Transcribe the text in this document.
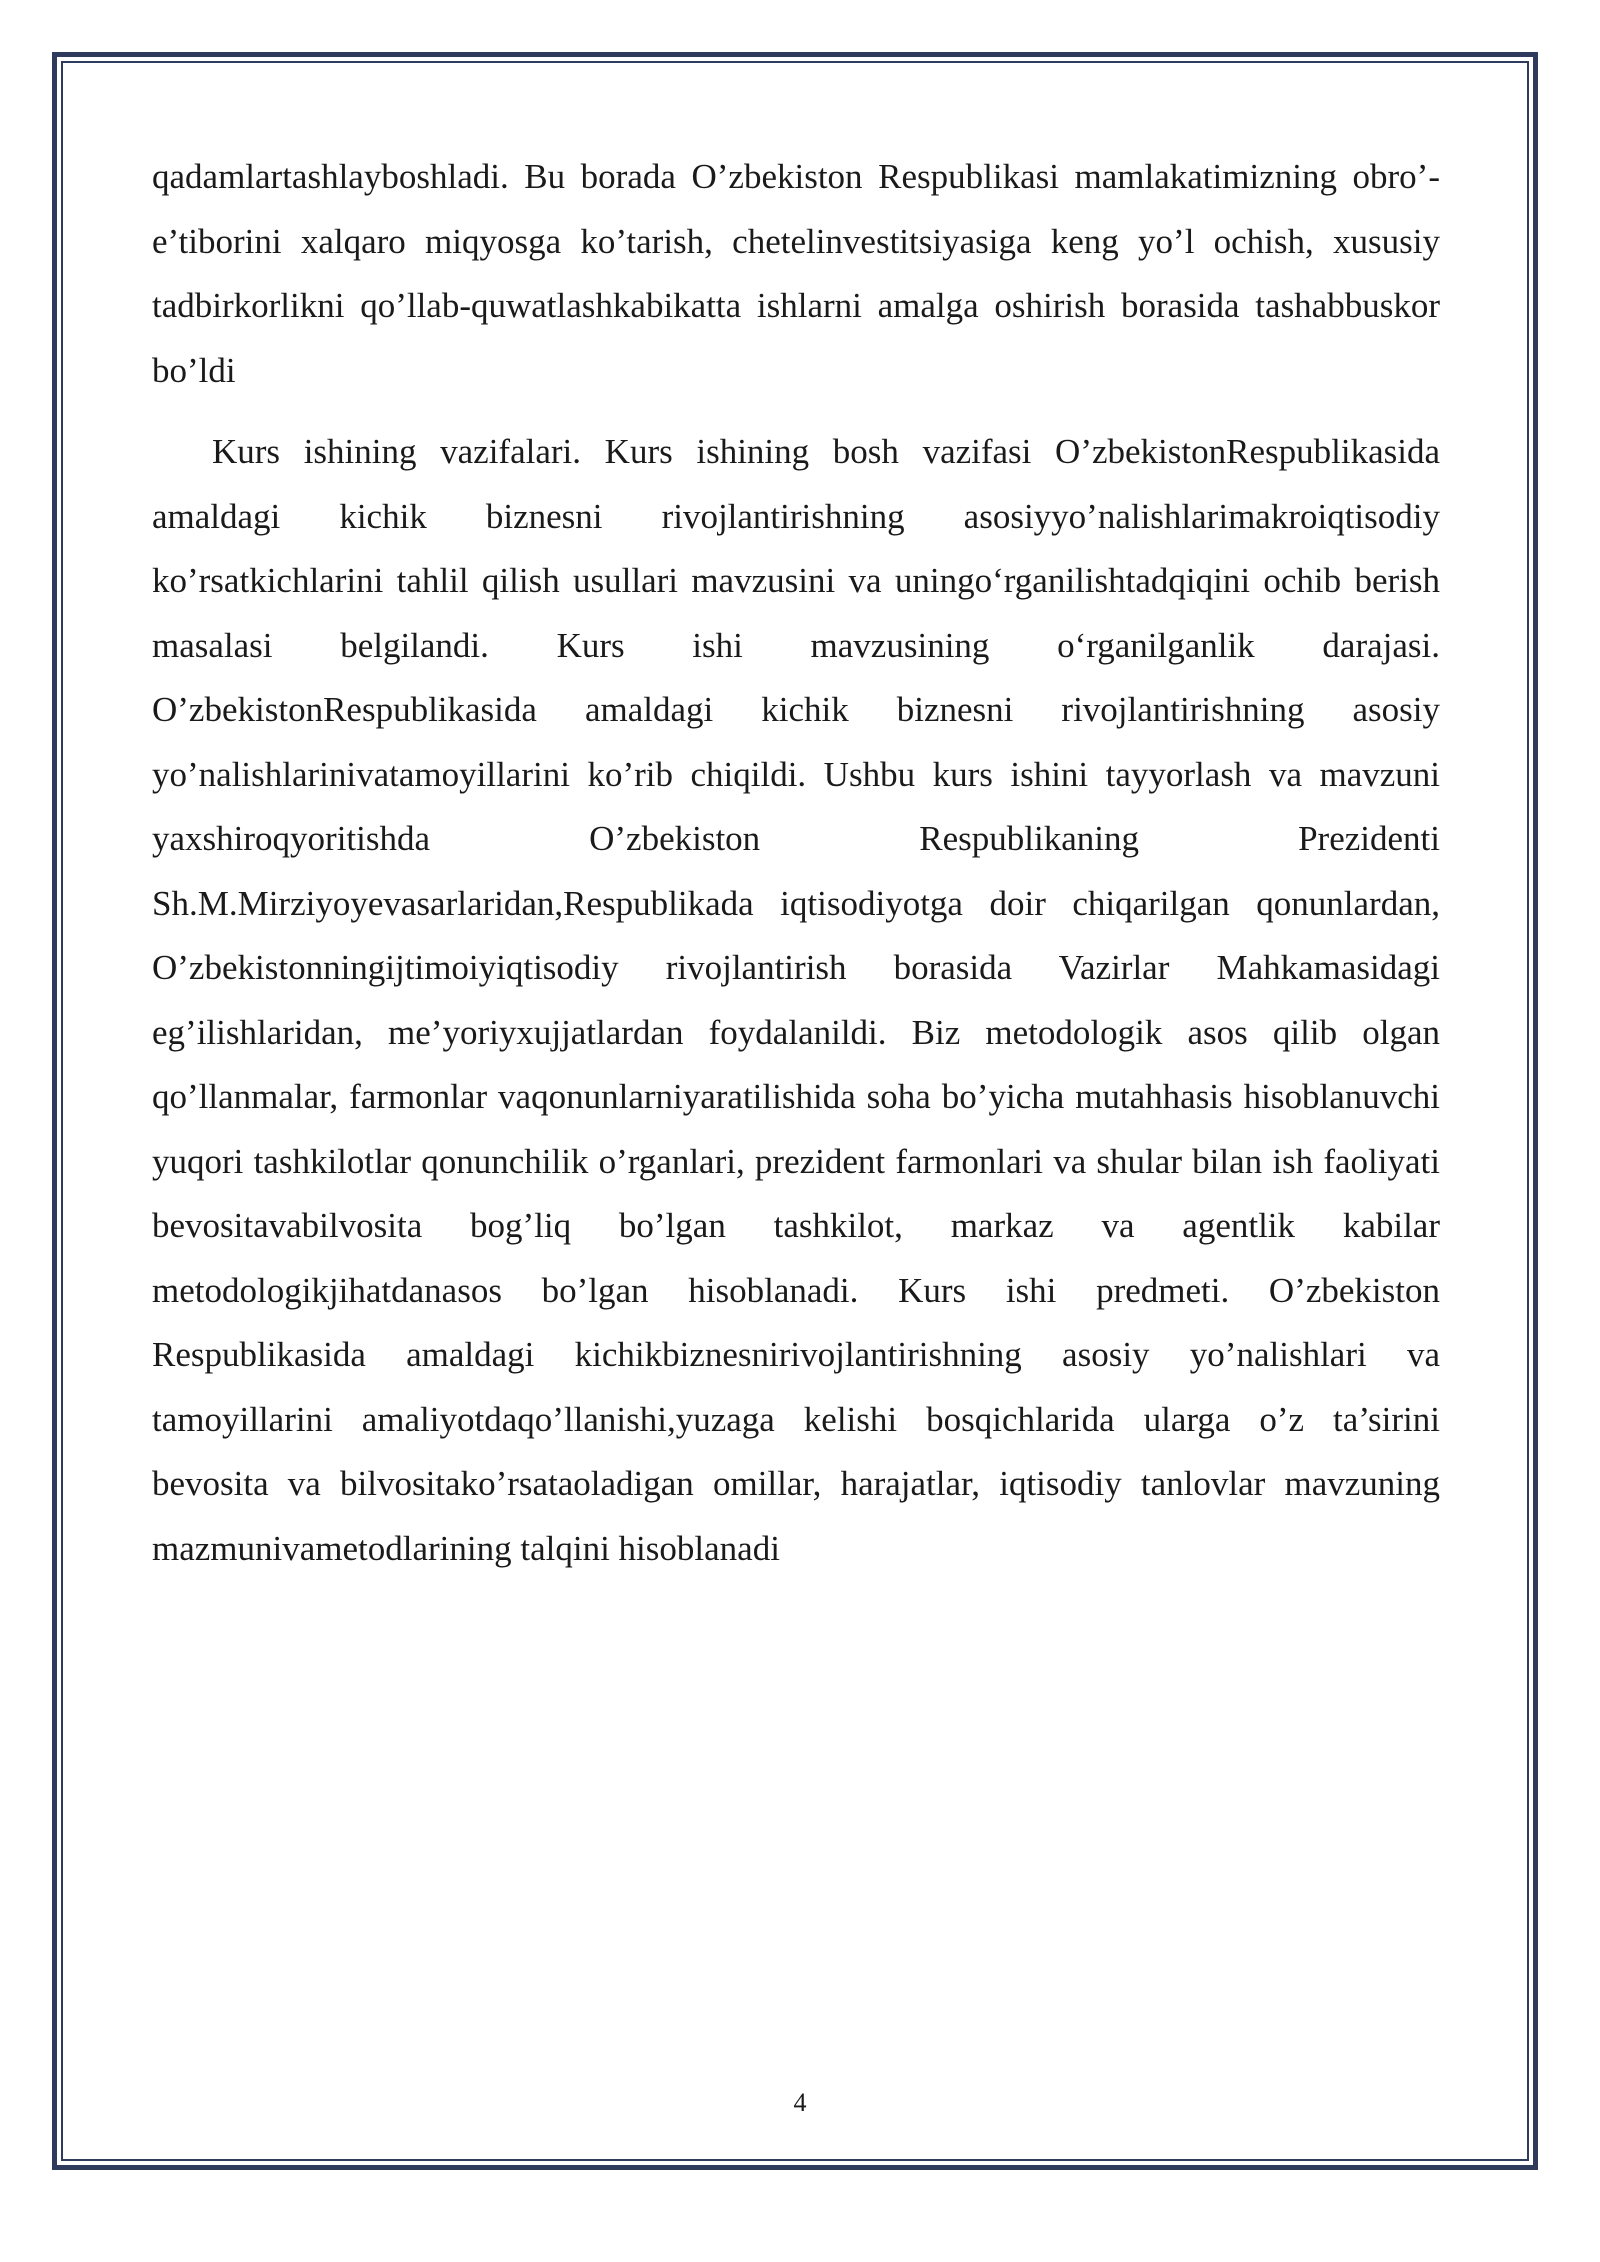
qadamlartashlayboshladi. Bu borada O’zbekiston Respublikasi mamlakatimizning obro’-e’tiborini xalqaro miqyosga ko’tarish, chetelinvestitsiyasiga keng yo’l ochish, xususiy tadbirkorlikni qo’llab-quwatlashkabikatta ishlarni amalga oshirish borasida tashabbuskor bo’ldi

Kurs ishining vazifalari. Kurs ishining bosh vazifasi O’zbekistonRespublikasida amaldagi kichik biznesni rivojlantirishning asosiyyo’nalishlarimakroiqtisodiy ko’rsatkichlarini tahlil qilish usullari mavzusini va uningo‘rganilishtadqiqini ochib berish masalasi belgilandi. Kurs ishi mavzusining o‘rganilganlik darajasi. O’zbekistonRespublikasida amaldagi kichik biznesni rivojlantirishning asosiy yo’nalishlarinivatamoyillarini ko’rib chiqildi. Ushbu kurs ishini tayyorlash va mavzuni yaxshiroqyoritishda O’zbekiston Respublikaning Prezidenti Sh.M.Mirziyoyevasarlaridan,Respublikada iqtisodiyotga doir chiqarilgan qonunlardan, O’zbekistonningijtimoiyiqtisodiy rivojlantirish borasida Vazirlar Mahkamasidagi eg’ilishlaridan, me’yoriyxujjatlardan foydalanildi. Biz metodologik asos qilib olgan qo’llanmalar, farmonlar vaqonunlarniyaratilishida soha bo’yicha mutahhasis hisoblanuvchi yuqori tashkilotlar qonunchilik o’rganlari, prezident farmonlari va shular bilan ish faoliyati bevositavabilvosita bog’liq bo’lgan tashkilot, markaz va agentlik kabilar metodologikjihatdanasos bo’lgan hisoblanadi. Kurs ishi predmeti. O’zbekiston Respublikasida amaldagi kichikbiznesnirivojlantirishning asosiy yo’nalishlari va tamoyillarini amaliyotdaqo’llanishi,yuzaga kelishi bosqichlarida ularga o’z ta’sirini bevosita va bilvositako’rsataoladigan omillar, harajatlar, iqtisodiy tanlovlar mavzuning mazmunivametodlarining talqini hisoblanadi

4
